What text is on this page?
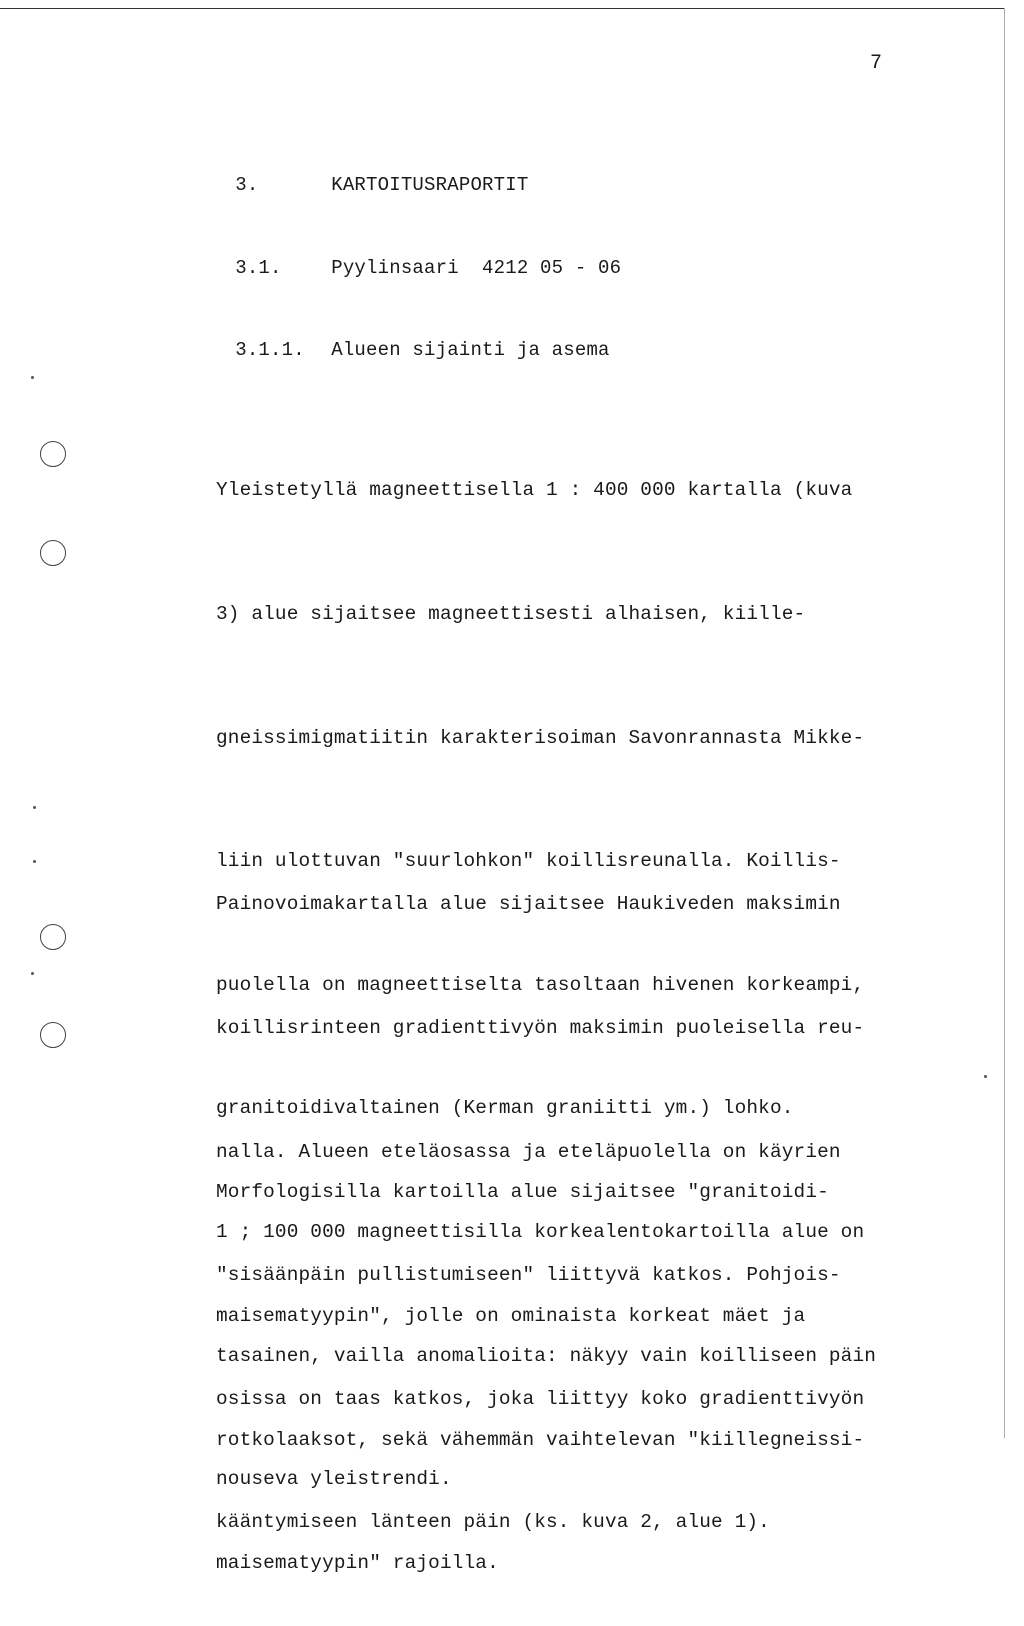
7

3.	KARTOITUSRAPORTIT

3.1.	Pyylinsaari  4212 05 - 06

3.1.1. Alueen sijainti ja asema

Yleistetyllä magneettisella 1 : 400 000 kartalla (kuva

3) alue sijaitsee magneettisesti alhaisen, kiille-

gneissimigmatiitin karakterisoiman Savonrannasta Mikke-

liin ulottuvan "suurlohkon" koillisreunalla. Koillis-

puolella on magneettiselta tasoltaan hivenen korkeampi,

granitoidivaltainen (Kerman graniitti ym.) lohko.

1 ; 100 000 magneettisilla korkealentokartoilla alue on

tasainen, vailla anomalioita: näkyy vain koilliseen päin

nouseva yleistrendi.

Painovoimakartalla alue sijaitsee Haukiveden maksimin

koillisrinteen gradienttivyön maksimin puoleisella reu-

nalla. Alueen eteläosassa ja eteläpuolella on käyrien

"sisäänpäin pullistumiseen" liittyvä katkos. Pohjois-

osissa on taas katkos, joka liittyy koko gradienttivyön

kääntymiseen länteen päin (ks. kuva 2, alue 1).

Morfologisilla kartoilla alue sijaitsee "granitoidi-

maisematyypin", jolle on ominaista korkeat mäet ja

rotkolaaksot, sekä vähemmän vaihtelevan "kiillegneissi-

maisematyypin" rajoilla.
